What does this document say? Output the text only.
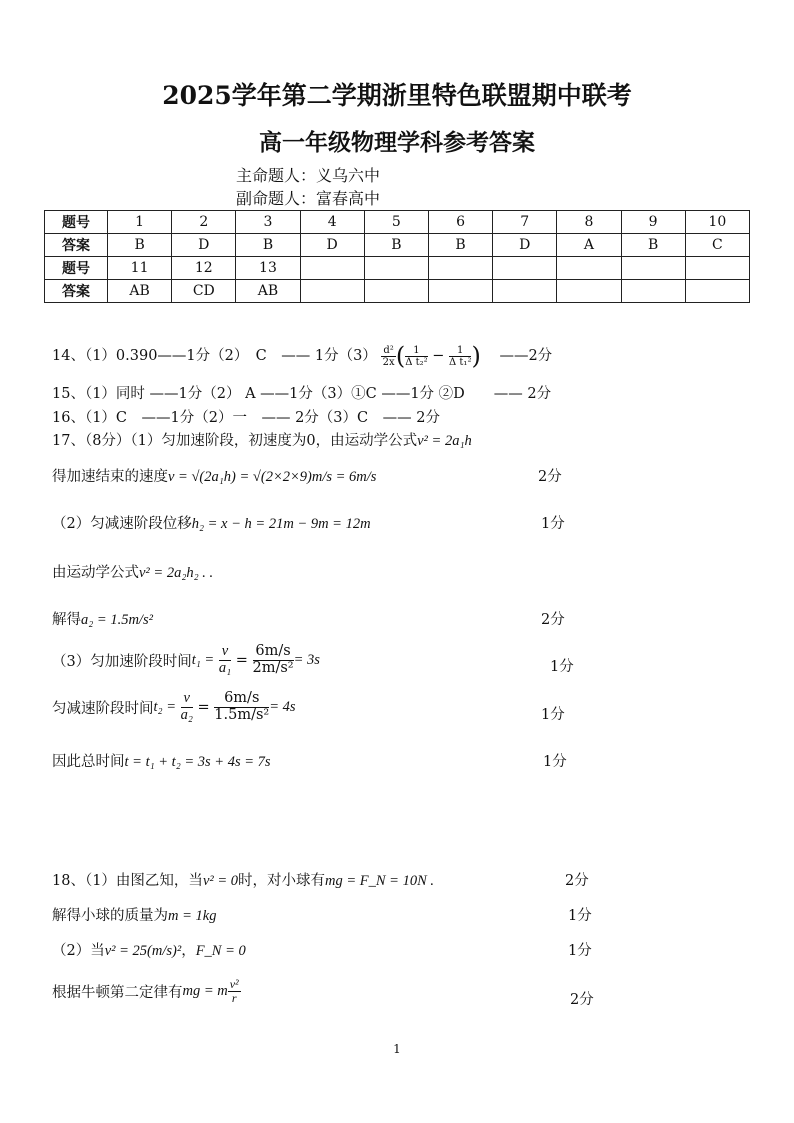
2025学年第二学期浙里特色联盟期中联考
高一年级物理学科参考答案
主命题人：义乌六中
副命题人：富春高中
题号	1	2	3	4	5	6	7	8	9	10
答案	B	D	B	D	B	B	D	A	B	C
题号	11	12	13							
答案	AB	CD	AB							
14、（1）0.390——1分（2）　C　—— 1分$(3) \frac{\text{d²}}{2x}$ ( $\frac{1}{\text{Δ t₂²}} - \frac{1}{\text{Δ t₁²}}$ ) ——2分
15、（1）同时 ——1分（2） A ——1分（3）①C ——1分 ②D　　—— 2分
16、（1）C　——1分（2）一　—— 2分（3）C　—— 2分
17、（8分）（1）匀加速阶段，初速度为0，由运动学公式v² = 2a₁h
得加速结束的速度v = √(2a₁h) = √(2×2×9)m/s = 6m/s	2分
（2）匀减速阶段位移h₂ = x − h = 21m − 9m = 12m	1分
由运动学公式v² = 2a₂h₂ . .
解得a₂ = 1.5m/s²	2分
（3）匀加速阶段时间$t_1 = \frac{v}{\text{a₁}} = \frac{6m/s}{\text{2m/s²}} = 3s$	1分
匀减速阶段时间$t_2 = \frac{v}{\text{a₂}} = \frac{6m/s}{\text{1.5m/s²}} = 4s$
1分
因此总时间t = t₁ + t₂ = 3s + 4s = 7s	1分
18、（1）由图乙知，当v² = 0时，对小球有mg = F_N = 10N .	2分
解得小球的质量为m = 1kg	1分
（2）当v² = 25(m/s)²，F_N = 0	1分
根据牛顿第二定律有mg = m $\frac{\text{v²}}{r}$	2分
1
